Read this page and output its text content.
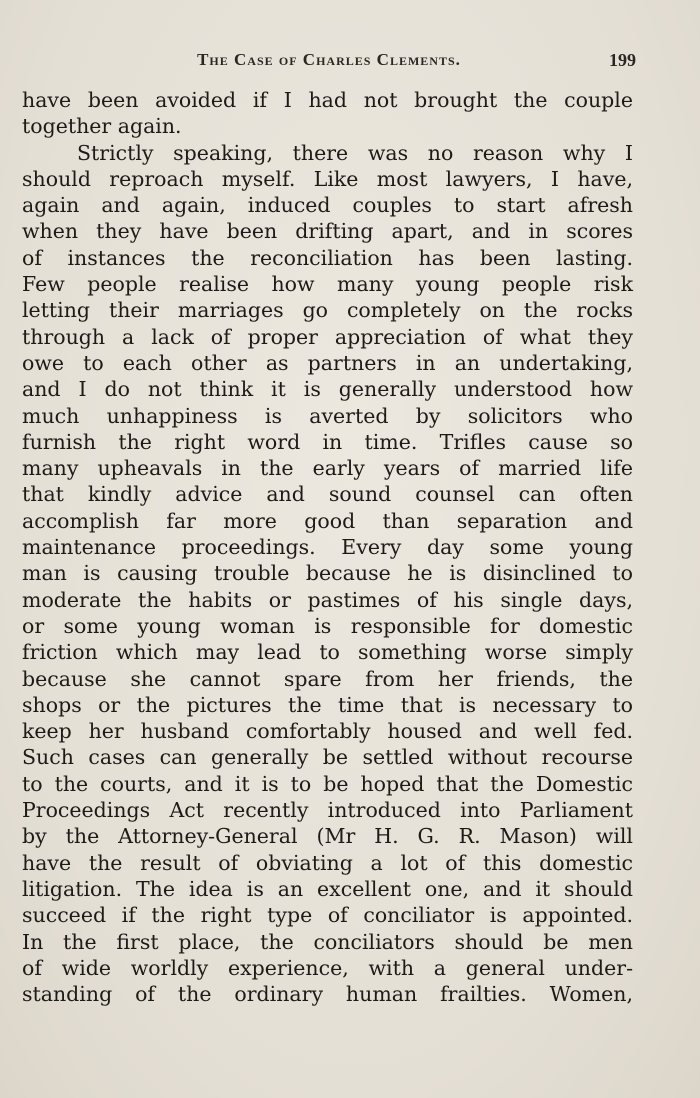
The Case of Charles Clements.	199
have been avoided if I had not brought the couple
together again.
Strictly speaking, there was no reason why I
should reproach myself. Like most lawyers, I have,
again and again, induced couples to start afresh
when they have been drifting apart, and in scores
of instances the reconciliation has been lasting.
Few people realise how many young people risk
letting their marriages go completely on the rocks
through a lack of proper appreciation of what they
owe to each other as partners in an undertaking,
and I do not think it is generally understood how
much unhappiness is averted by solicitors who
furnish the right word in time. Trifles cause so
many upheavals in the early years of married life
that kindly advice and sound counsel can often
accomplish far more good than separation and
maintenance proceedings. Every day some young
man is causing trouble because he is disinclined to
moderate the habits or pastimes of his single days,
or some young woman is responsible for domestic
friction which may lead to something worse simply
because she cannot spare from her friends, the
shops or the pictures the time that is necessary to
keep her husband comfortably housed and well fed.
Such cases can generally be settled without recourse
to the courts, and it is to be hoped that the Domestic
Proceedings Act recently introduced into Parliament
by the Attorney-General (Mr H. G. R. Mason) will
have the result of obviating a lot of this domestic
litigation. The idea is an excellent one, and it should
succeed if the right type of conciliator is appointed.
In the first place, the conciliators should be men
of wide worldly experience, with a general under-
standing of the ordinary human frailties. Women,
